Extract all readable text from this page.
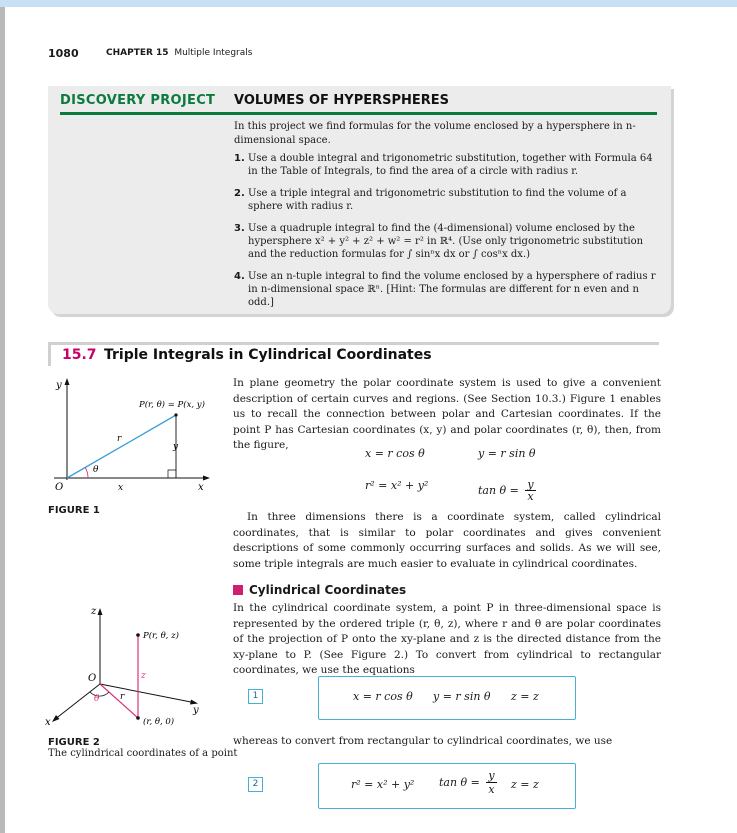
1080	CHAPTER 15 Multiple Integrals
DISCOVERY PROJECT VOLUMES OF HYPERSPHERES
In this project we find formulas for the volume enclosed by a hypersphere in n-dimensional space.
1. Use a double integral and trigonometric substitution, together with Formula 64 in the Table of Integrals, to find the area of a circle with radius r.
2. Use a triple integral and trigonometric substitution to find the volume of a sphere with radius r.
3. Use a quadruple integral to find the (4-dimensional) volume enclosed by the hypersphere x² + y² + z² + w² = r² in ℝ⁴. (Use only trigonometric substitution and the reduction formulas for ∫ sinⁿx dx or ∫ cosⁿx dx.)
4. Use an n-tuple integral to find the volume enclosed by a hypersphere of radius r in n-dimensional space ℝⁿ. [Hint: The formulas are different for n even and n odd.]
15.7 Triple Integrals in Cylindrical Coordinates
y
x
O
P(r, θ) = P(x, y)
r
θ
x
y
FIGURE 1
In plane geometry the polar coordinate system is used to give a convenient description of certain curves and regions. (See Section 10.3.) Figure 1 enables us to recall the connection between polar and Cartesian coordinates. If the point P has Cartesian coordinates (x, y) and polar coordinates (r, θ), then, from the figure,
x = r cos θ	y = r sin θ
r² = x² + y²	$\tan \theta = \frac{y}{x}$
In three dimensions there is a coordinate system, called cylindrical coordinates, that is similar to polar coordinates and gives convenient descriptions of some commonly occurring surfaces and solids. As we will see, some triple integrals are much easier to evaluate in cylindrical coordinates.
Cylindrical Coordinates
In the cylindrical coordinate system, a point P in three-dimensional space is represented by the ordered triple (r, θ, z), where r and θ are polar coordinates of the projection of P onto the xy-plane and z is the directed distance from the xy-plane to P. (See Figure 2.) To convert from cylindrical to rectangular coordinates, we use the equations
z
y
x
O
P(r, θ, z)
(r, θ, 0)
r
θ
z
FIGURE 2
The cylindrical coordinates of a point
1	x = r cos θ y = r sin θ z = z
whereas to convert from rectangular to cylindrical coordinates, we use
2	r² = x² + y² $\tan \theta = \frac{y}{x}$ z = z
